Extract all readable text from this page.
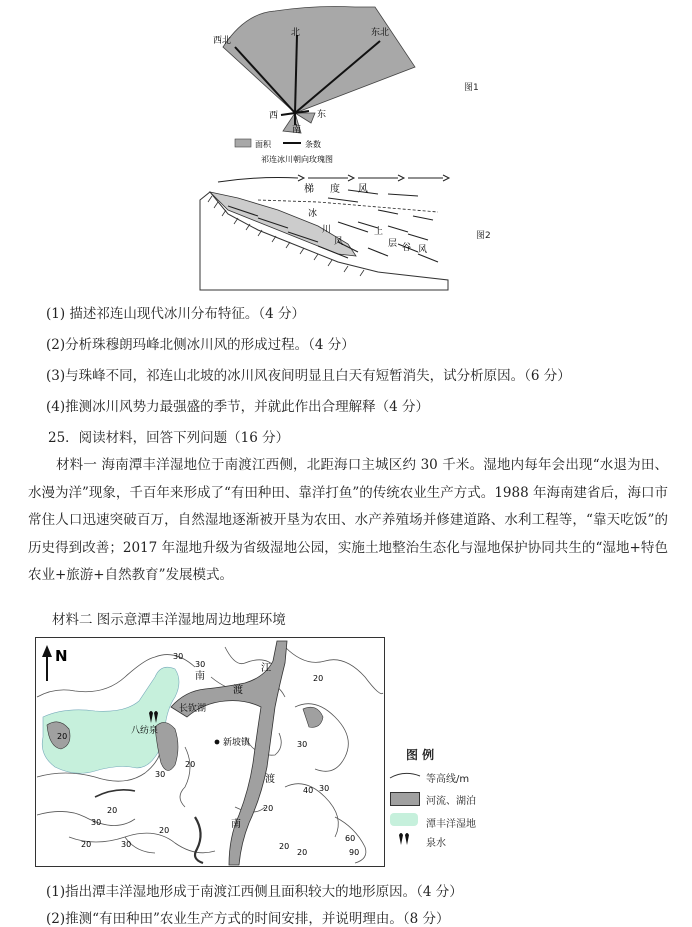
西北
北	东北
西	东
南
面积	条数
祁连冰川朝向玫瑰图
图1
梯 度 风
冰
川
风
上
层 谷 风
图2
(1) 描述祁连山现代冰川分布特征。（4 分）
(2)分析珠穆朗玛峰北侧冰川风的形成过程。（4 分）
(3)与珠峰不同，祁连山北坡的冰川风夜间明显且白天有短暂消失，试分析原因。（6 分）
(4)推测冰川风势力最强盛的季节，并就此作出合理解释（4 分）
25．阅读材料，回答下列问题（16 分）
材料一 海南潭丰洋湿地位于南渡江西侧，北距海口主城区约 30 千米。湿地内每年会出现“水退为田、水漫为洋”现象，千百年来形成了“有田种田、靠洋打鱼”的传统农业生产方式。1988 年海南建省后，海口市常住人口迅速突破百万，自然湿地逐渐被开垦为农田、水产养殖场并修建道路、水利工程等，“靠天吃饭”的历史得到改善；2017 年湿地升级为省级湿地公园，实施土地整治生态化与湿地保护协同共生的“湿地+特色农业+旅游+自然教育”发展模式。
材料二 图示意潭丰洋湿地周边地理环境
N
南
渡
江
南
渡
长钦湖
新坡镇
八纺泉
30
30
20
30
20
20
30
20
20	30
20
30
40 30
20
20
20
60
90
图 例
等高线/m
河流、湖泊
潭丰洋湿地
泉水
(1)指出潭丰洋湿地形成于南渡江西侧且面积较大的地形原因。（4 分）
(2)推测“有田种田”农业生产方式的时间安排，并说明理由。（8 分）
